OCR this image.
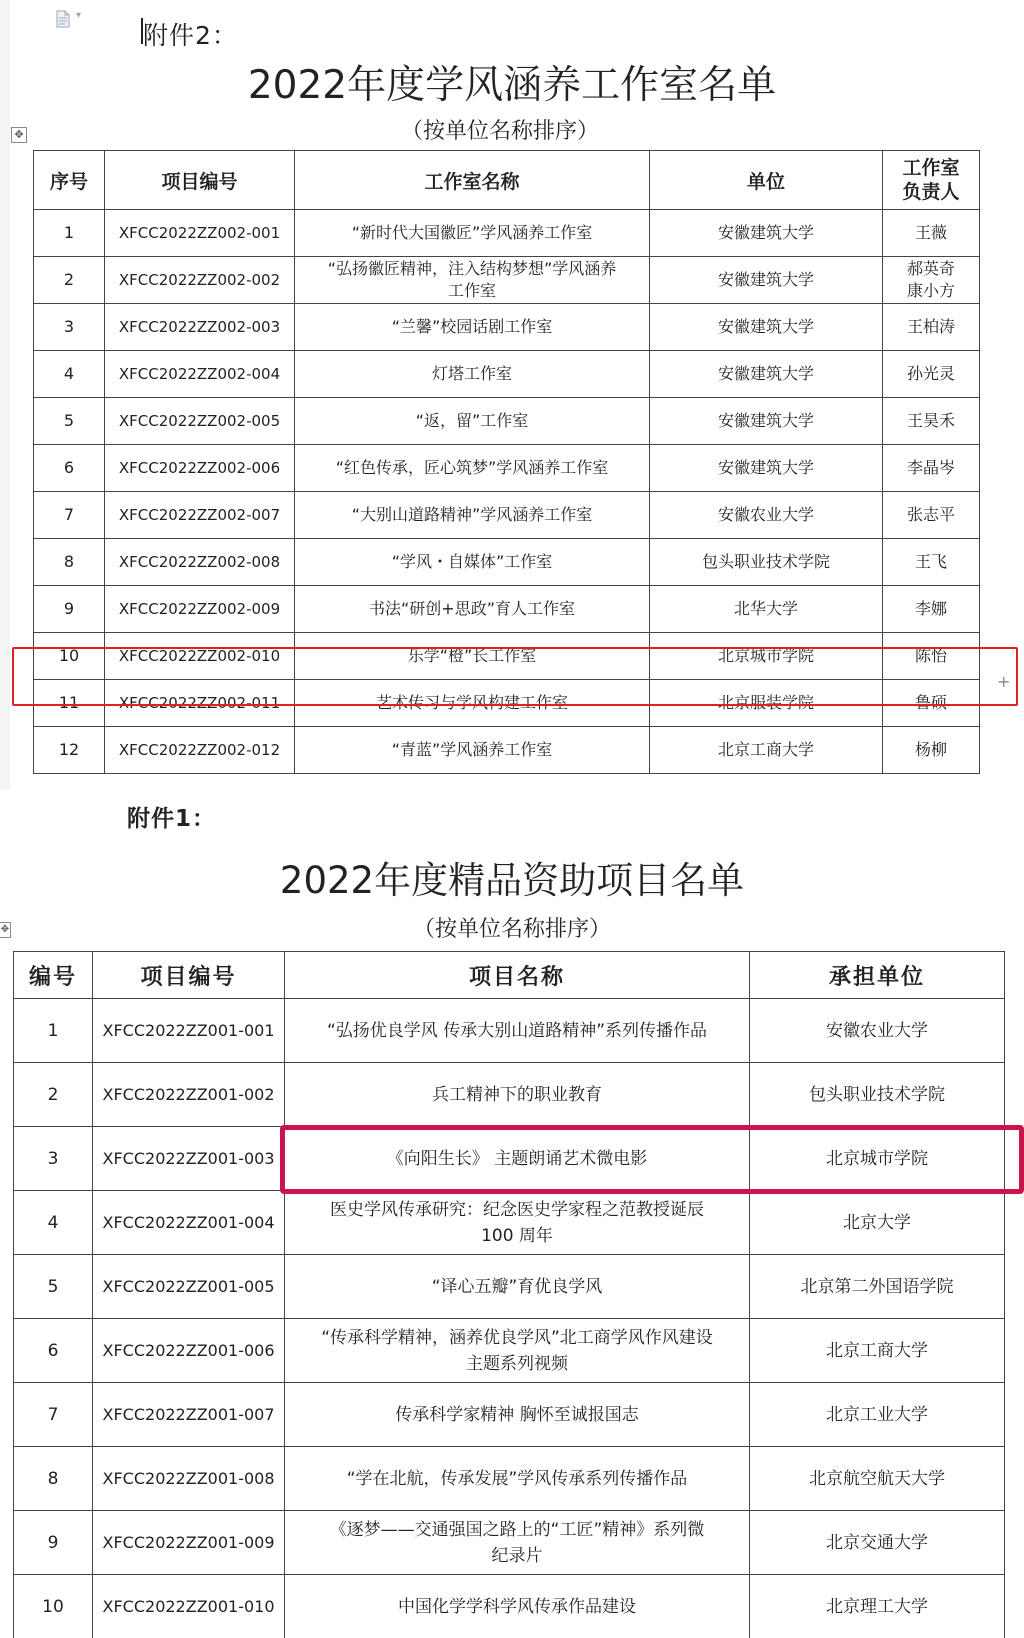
▾
附件2：
2022年度学风涵养工作室名单
（按单位名称排序）
✥
序号	项目编号	工作室名称	单位	工作室负责人
1	XFCC2022ZZ002-001	“新时代大国徽匠”学风涵养工作室	安徽建筑大学	王薇
2	XFCC2022ZZ002-002	“弘扬徽匠精神，注入结构梦想”学风涵养工作室	安徽建筑大学	郝英奇 康小方
3	XFCC2022ZZ002-003	“兰馨”校园话剧工作室	安徽建筑大学	王柏涛
4	XFCC2022ZZ002-004	灯塔工作室	安徽建筑大学	孙光灵
5	XFCC2022ZZ002-005	“返，留”工作室	安徽建筑大学	王昊禾
6	XFCC2022ZZ002-006	“红色传承，匠心筑梦”学风涵养工作室	安徽建筑大学	李晶岑
7	XFCC2022ZZ002-007	“大别山道路精神”学风涵养工作室	安徽农业大学	张志平
8	XFCC2022ZZ002-008	“学风・自媒体”工作室	包头职业技术学院	王飞
9	XFCC2022ZZ002-009	书法“研创+思政”育人工作室	北华大学	李娜
10	XFCC2022ZZ002-010	乐学“橙”长工作室	北京城市学院	陈怡
11	XFCC2022ZZ002-011	艺术传习与学风构建工作室	北京服装学院	鲁硕
12	XFCC2022ZZ002-012	“青蓝”学风涵养工作室	北京工商大学	杨柳
+
附件1：
2022年度精品资助项目名单
（按单位名称排序）
✥
编号	项目编号	项目名称	承担单位
1	XFCC2022ZZ001-001	“弘扬优良学风 传承大别山道路精神”系列传播作品	安徽农业大学
2	XFCC2022ZZ001-002	兵工精神下的职业教育	包头职业技术学院
3	XFCC2022ZZ001-003	《向阳生长》 主题朗诵艺术微电影	北京城市学院
4	XFCC2022ZZ001-004	医史学风传承研究：纪念医史学家程之范教授诞辰 100 周年	北京大学
5	XFCC2022ZZ001-005	“译心五瓣”育优良学风	北京第二外国语学院
6	XFCC2022ZZ001-006	“传承科学精神，涵养优良学风”北工商学风作风建设主题系列视频	北京工商大学
7	XFCC2022ZZ001-007	传承科学家精神 胸怀至诚报国志	北京工业大学
8	XFCC2022ZZ001-008	“学在北航，传承发展”学风传承系列传播作品	北京航空航天大学
9	XFCC2022ZZ001-009	《逐梦——交通强国之路上的“工匠”精神》系列微纪录片	北京交通大学
10	XFCC2022ZZ001-010	中国化学学科学风传承作品建设	北京理工大学
